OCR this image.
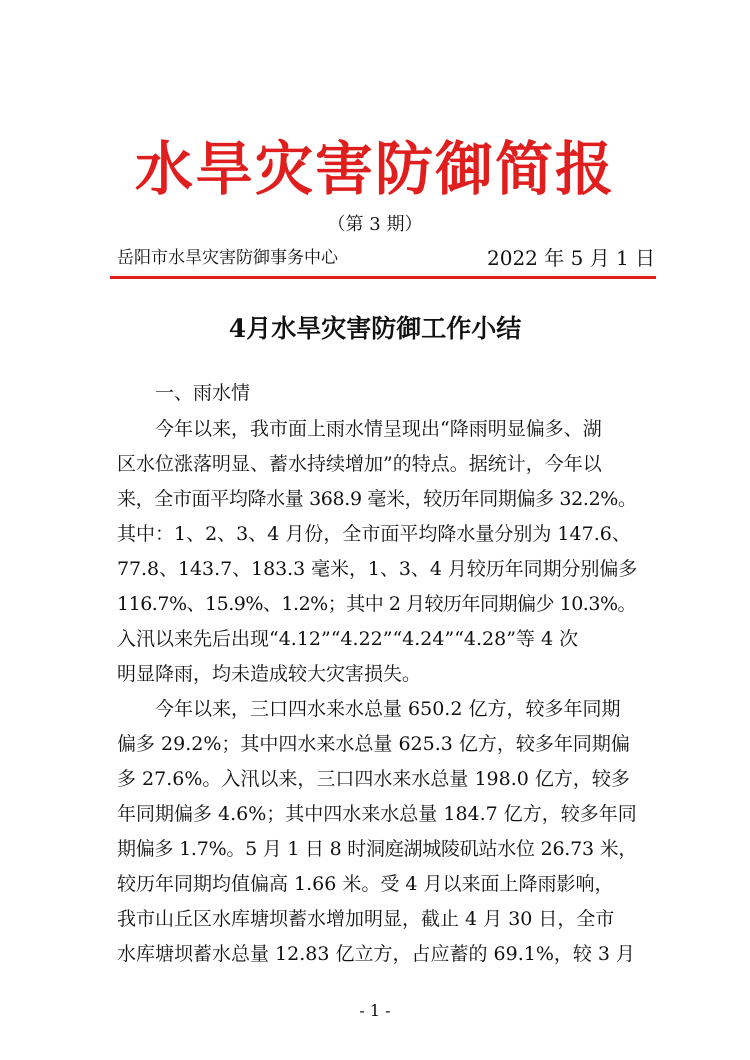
水旱灾害防御简报
（第 3 期）
岳阳市水旱灾害防御事务中心	2022 年 5 月 1 日
4月水旱灾害防御工作小结
一、雨水情
今年以来，我市面上雨水情呈现出“降雨明显偏多、湖
区水位涨落明显、蓄水持续增加”的特点。据统计，今年以
来，全市面平均降水量 368.9 毫米，较历年同期偏多 32.2%。
其中：1、2、3、4 月份，全市面平均降水量分别为 147.6、
77.8、143.7、183.3 毫米，1、3、4 月较历年同期分别偏多
116.7%、15.9%、1.2%；其中 2 月较历年同期偏少 10.3%。
入汛以来先后出现“4.12”“4.22”“4.24”“4.28”等 4 次
明显降雨，均未造成较大灾害损失。
今年以来，三口四水来水总量 650.2 亿方，较多年同期
偏多 29.2%；其中四水来水总量 625.3 亿方，较多年同期偏
多 27.6%。入汛以来，三口四水来水总量 198.0 亿方，较多
年同期偏多 4.6%；其中四水来水总量 184.7 亿方，较多年同
期偏多 1.7%。5 月 1 日 8 时洞庭湖城陵矶站水位 26.73 米，
较历年同期均值偏高 1.66 米。受 4 月以来面上降雨影响，
我市山丘区水库塘坝蓄水增加明显，截止 4 月 30 日，全市
水库塘坝蓄水总量 12.83 亿立方，占应蓄的 69.1%，较 3 月
- 1 -
